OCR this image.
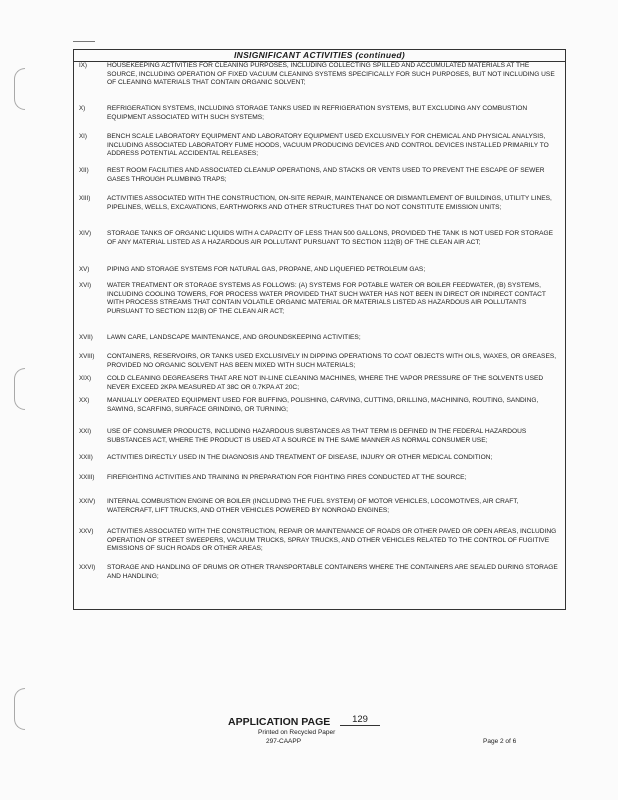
INSIGNIFICANT ACTIVITIES (continued)
IX)	HOUSEKEEPING ACTIVITIES FOR CLEANING PURPOSES, INCLUDING COLLECTING SPILLED AND ACCUMULATED MATERIALS AT THE SOURCE, INCLUDING OPERATION OF FIXED VACUUM CLEANING SYSTEMS SPECIFICALLY FOR SUCH PURPOSES, BUT NOT INCLUDING USE OF CLEANING MATERIALS THAT CONTAIN ORGANIC SOLVENT;
X)	REFRIGERATION SYSTEMS, INCLUDING STORAGE TANKS USED IN REFRIGERATION SYSTEMS, BUT EXCLUDING ANY COMBUSTION EQUIPMENT ASSOCIATED WITH SUCH SYSTEMS;
XI)	BENCH SCALE LABORATORY EQUIPMENT AND LABORATORY EQUIPMENT USED EXCLUSIVELY FOR CHEMICAL AND PHYSICAL ANALYSIS, INCLUDING ASSOCIATED LABORATORY FUME HOODS, VACUUM PRODUCING DEVICES AND CONTROL DEVICES INSTALLED PRIMARILY TO ADDRESS POTENTIAL ACCIDENTAL RELEASES;
XII)	REST ROOM FACILITIES AND ASSOCIATED CLEANUP OPERATIONS, AND STACKS OR VENTS USED TO PREVENT THE ESCAPE OF SEWER GASES THROUGH PLUMBING TRAPS;
XIII)	ACTIVITIES ASSOCIATED WITH THE CONSTRUCTION, ON-SITE REPAIR, MAINTENANCE OR DISMANTLEMENT OF BUILDINGS, UTILITY LINES, PIPELINES, WELLS, EXCAVATIONS, EARTHWORKS AND OTHER STRUCTURES THAT DO NOT CONSTITUTE EMISSION UNITS;
XIV)	STORAGE TANKS OF ORGANIC LIQUIDS WITH A CAPACITY OF LESS THAN 500 GALLONS, PROVIDED THE TANK IS NOT USED FOR STORAGE OF ANY MATERIAL LISTED AS A HAZARDOUS AIR POLLUTANT PURSUANT TO SECTION 112(B) OF THE CLEAN AIR ACT;
XV)	PIPING AND STORAGE SYSTEMS FOR NATURAL GAS, PROPANE, AND LIQUEFIED PETROLEUM GAS;
XVI)	WATER TREATMENT OR STORAGE SYSTEMS AS FOLLOWS: (A) SYSTEMS FOR POTABLE WATER OR BOILER FEEDWATER, (B) SYSTEMS, INCLUDING COOLING TOWERS, FOR PROCESS WATER PROVIDED THAT SUCH WATER HAS NOT BEEN IN DIRECT OR INDIRECT CONTACT WITH PROCESS STREAMS THAT CONTAIN VOLATILE ORGANIC MATERIAL OR MATERIALS LISTED AS HAZARDOUS AIR POLLUTANTS PURSUANT TO SECTION 112(B) OF THE CLEAN AIR ACT;
XVII)	LAWN CARE, LANDSCAPE MAINTENANCE, AND GROUNDSKEEPING ACTIVITIES;
XVIII)	CONTAINERS, RESERVOIRS, OR TANKS USED EXCLUSIVELY IN DIPPING OPERATIONS TO COAT OBJECTS WITH OILS, WAXES, OR GREASES, PROVIDED NO ORGANIC SOLVENT HAS BEEN MIXED WITH SUCH MATERIALS;
XIX)	COLD CLEANING DEGREASERS THAT ARE NOT IN-LINE CLEANING MACHINES, WHERE THE VAPOR PRESSURE OF THE SOLVENTS USED NEVER EXCEED 2KPA MEASURED AT 38C OR 0.7KPA AT 20C;
XX)	MANUALLY OPERATED EQUIPMENT USED FOR BUFFING, POLISHING, CARVING, CUTTING, DRILLING, MACHINING, ROUTING, SANDING, SAWING, SCARFING, SURFACE GRINDING, OR TURNING;
XXI)	USE OF CONSUMER PRODUCTS, INCLUDING HAZARDOUS SUBSTANCES AS THAT TERM IS DEFINED IN THE FEDERAL HAZARDOUS SUBSTANCES ACT, WHERE THE PRODUCT IS USED AT A SOURCE IN THE SAME MANNER AS NORMAL CONSUMER USE;
XXII)	ACTIVITIES DIRECTLY USED IN THE DIAGNOSIS AND TREATMENT OF DISEASE, INJURY OR OTHER MEDICAL CONDITION;
XXIII)	FIREFIGHTING ACTIVITIES AND TRAINING IN PREPARATION FOR FIGHTING FIRES CONDUCTED AT THE SOURCE;
XXIV)	INTERNAL COMBUSTION ENGINE OR BOILER (INCLUDING THE FUEL SYSTEM) OF MOTOR VEHICLES, LOCOMOTIVES, AIR CRAFT, WATERCRAFT, LIFT TRUCKS, AND OTHER VEHICLES POWERED BY NONROAD ENGINES;
XXV)	ACTIVITIES ASSOCIATED WITH THE CONSTRUCTION, REPAIR OR MAINTENANCE OF ROADS OR OTHER PAVED OR OPEN AREAS, INCLUDING OPERATION OF STREET SWEEPERS, VACUUM TRUCKS, SPRAY TRUCKS, AND OTHER VEHICLES RELATED TO THE CONTROL OF FUGITIVE EMISSIONS OF SUCH ROADS OR OTHER AREAS;
XXVI)	STORAGE AND HANDLING OF DRUMS OR OTHER TRANSPORTABLE CONTAINERS WHERE THE CONTAINERS ARE SEALED DURING STORAGE AND HANDLING;
APPLICATION PAGE	129
Printed on Recycled Paper
297-CAAPP	Page 2 of 6
